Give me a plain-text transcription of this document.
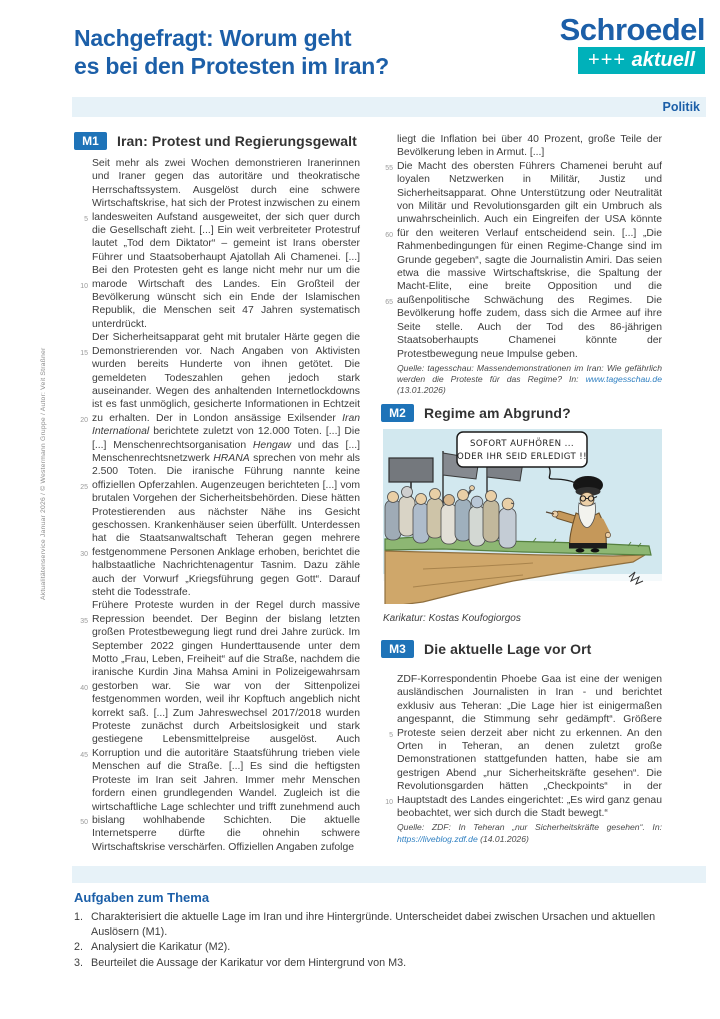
Aktualitätenservice Januar 2026 / © Westermann Gruppe / Autor: Veit Straßner
Nachgefragt: Worum geht
es bei den Protesten im Iran?
Schroedel
+++ aktuell
Politik
M1	Iran: Protest und Regierungsgewalt

Seit mehr als zwei Wochen demonstrieren Iranerinnen und Iraner gegen das autoritäre und theokratische Herrschaftssystem. Ausgelöst durch eine schwere Wirtschaftskrise, hat sich der Protest inzwischen zu einem landesweiten Aufstand ausgeweitet, der sich quer durch die Gesellschaft zieht. [...] Ein weit verbreiteter Protestruf lautet „Tod dem Diktator“ – gemeint ist Irans oberster Führer und Staatsoberhaupt Ajatollah Ali Chamenei. [...] Bei den Protesten geht es lange nicht mehr nur um die marode Wirtschaft des Landes. Ein Großteil der Bevölkerung wünscht sich ein Ende der Islamischen Republik, die Menschen seit 47 Jahren systematisch unterdrückt.

Der Sicherheitsapparat geht mit brutaler Härte gegen die Demonstrierenden vor. Nach Angaben von Aktivisten wurden bereits Hunderte von ihnen getötet. Die gemeldeten Todeszahlen gehen jedoch stark auseinander. Wegen des anhaltenden Internetlockdowns ist es fast unmöglich, gesicherte Informationen in Echtzeit zu erhalten. Der in London ansässige Exilsender Iran International berichtete zuletzt von 12.000 Toten. [...] Die [...] Menschenrechtsorganisation Hengaw und das [...] Menschenrechtsnetzwerk HRANA sprechen von mehr als 2.500 Toten. Die iranische Führung nannte keine offiziellen Opferzahlen. Augenzeugen berichteten [...] vom brutalen Vorgehen der Sicherheitsbehörden. Diese hätten Protestierenden aus nächster Nähe ins Gesicht geschossen. Krankenhäuser seien überfüllt. Unterdessen hat die Staatsanwaltschaft Teheran gegen mehrere festgenommene Personen Anklage erhoben, berichtet die halbstaatliche Nachrichtenagentur Tasnim. Dazu zähle auch der Vorwurf „Kriegsführung gegen Gott“. Darauf steht die Todesstrafe.

Frühere Proteste wurden in der Regel durch massive Repression beendet. Der Beginn der bislang letzten großen Protestbewegung liegt rund drei Jahre zurück. Im September 2022 gingen Hunderttausende unter dem Motto „Frau, Leben, Freiheit“ auf die Straße, nachdem die iranische Kurdin Jina Mahsa Amini in Polizeigewahrsam gestorben war. Sie war von der Sittenpolizei festgenommen worden, weil ihr Kopftuch angeblich nicht korrekt saß. [...] Zum Jahreswechsel 2017/2018 wurden Proteste zunächst durch Arbeitslosigkeit und stark gestiegene Lebensmittelpreise ausgelöst. Auch Korruption und die autoritäre Staatsführung trieben viele Menschen auf die Straße. [...] Es sind die heftigsten Proteste im Iran seit Jahren. Immer mehr Menschen fordern einen grundlegenden Wandel. Zugleich ist die wirtschaftliche Lage schlechter und trifft zunehmend auch bislang wohlhabende Schichten. Die aktuelle Internetsperre dürfte die ohnehin schwere Wirtschaftskrise verschärfen. Offiziellen Angaben zufolge

5
10
15
20
25
30
35
40
45
50

liegt die Inflation bei über 40 Prozent, große Teile der Bevölkerung leben in Armut. [...]

Die Macht des obersten Führers Chamenei beruht auf loyalen Netzwerken in Militär, Justiz und Sicherheitsapparat. Ohne Unterstützung oder Neutralität von Militär und Revolutionsgarden gilt ein Umbruch als unwahrscheinlich. Auch ein Eingreifen der USA könnte für den weiteren Verlauf entscheidend sein. [...] „Die Rahmenbedingungen für einen Regime-Change sind im Grunde gegeben“, sagte die Journalistin Amiri. Das seien etwa die massive Wirtschaftskrise, die Spaltung der Macht-Elite, eine breite Opposition und die außenpolitische Schwächung des Regimes. Die Bevölkerung hoffe zudem, dass sich die Armee auf ihre Seite stelle. Auch der Tod des 86-jährigen Staatsoberhaupts Chamenei könnte der Protestbewegung neue Impulse geben.

Quelle: tagesschau: Massendemonstrationen im Iran: Wie gefährlich werden die Proteste für das Regime? In: www.tagesschau.de (13.01.2026)

55
60
65
M2	Regime am Abgrund?
SOFORT AUFHÖREN ...
ODER IHR SEID ERLEDIGT !!
Karikatur: Kostas Koufogiorgos
M3	Die aktuelle Lage vor Ort

ZDF-Korrespondentin Phoebe Gaa ist eine der wenigen ausländischen Journalisten in Iran - und berichtet exklusiv aus Teheran: „Die Lage hier ist einigermaßen angespannt, die Stimmung sehr gedämpft“. Größere Proteste seien derzeit aber nicht zu erkennen. An den Orten in Teheran, an denen zuletzt große Demonstrationen stattgefunden hatten, habe sie am gestrigen Abend „nur Sicherheitskräfte gesehen“. Die Revolutionsgarden hätten „Checkpoints“ in der Hauptstadt des Landes eingerichtet: „Es wird ganz genau beobachtet, wer sich durch die Stadt bewegt.“

Quelle: ZDF: In Teheran „nur Sicherheitskräfte gesehen“. In: https://liveblog.zdf.de (14.01.2026)

5
10
Aufgaben zum Thema
1. Charakterisiert die aktuelle Lage im Iran und ihre Hintergründe. Unterscheidet dabei zwischen Ursachen und aktuellen Auslösern (M1).
2. Analysiert die Karikatur (M2).
3. Beurteilet die Aussage der Karikatur vor dem Hintergrund von M3.
